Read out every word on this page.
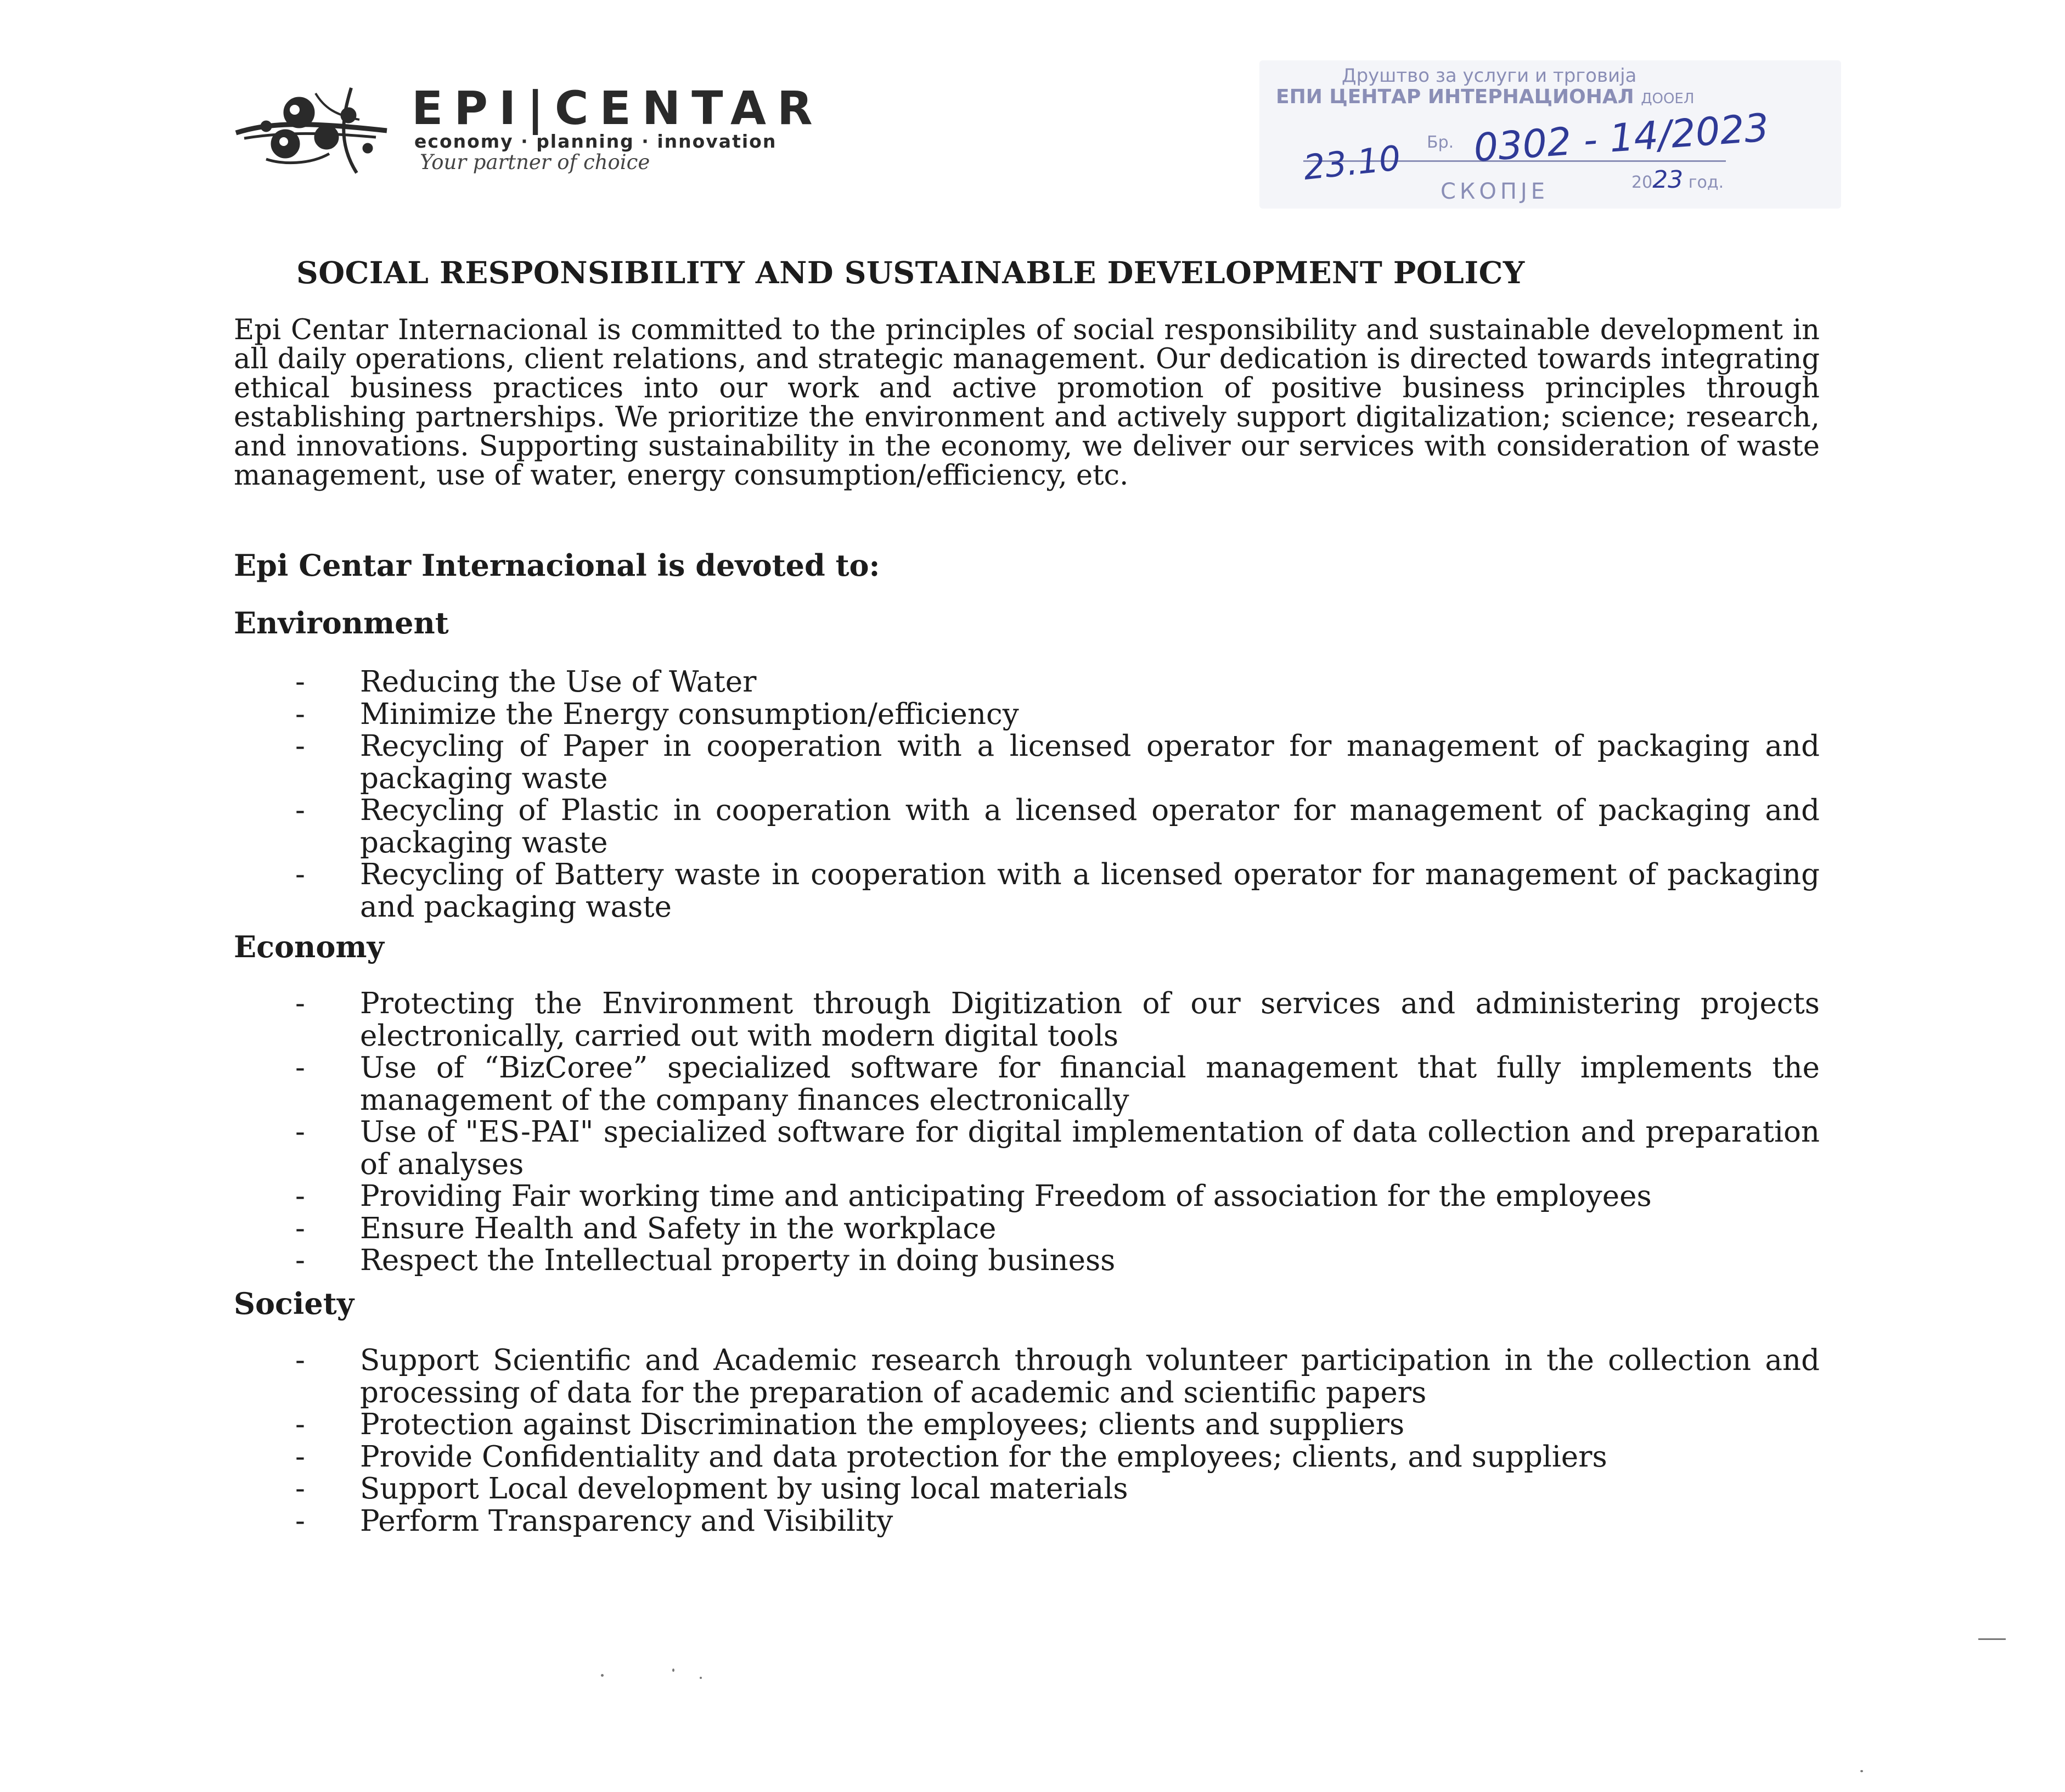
EPI|CENTAR
economy · planning · innovation
Your partner of choice
Друштво за услуги и трговија
ЕПИ ЦЕНТАР ИНТЕРНАЦИОНАЛ ДООЕЛ
Бр.
2023 год.
СКОПЈЕ
23.10 0302 - 14/2023
SOCIAL RESPONSIBILITY AND SUSTAINABLE DEVELOPMENT POLICY

Epi Centar Internacional is committed to the principles of social responsibility and sustainable development in all daily operations, client relations, and strategic management. Our dedication is directed towards integrating ethical business practices into our work and active promotion of positive business principles through establishing partnerships. We prioritize the environment and actively support digitalization; science; research, and innovations. Supporting sustainability in the economy, we deliver our services with consideration of waste management, use of water, energy consumption/efficiency, etc.

Epi Centar Internacional is devoted to:
Environment
- Reducing the Use of Water
- Minimize the Energy consumption/efficiency
- Recycling of Paper in cooperation with a licensed operator for management of packaging and packaging waste
- Recycling of Plastic in cooperation with a licensed operator for management of packaging and packaging waste
- Recycling of Battery waste in cooperation with a licensed operator for management of packaging and packaging waste
Economy
- Protecting the Environment through Digitization of our services and administering projects electronically, carried out with modern digital tools
- Use of “BizCoree” specialized software for financial management that fully implements the management of the company finances electronically
- Use of "ES-PAI" specialized software for digital implementation of data collection and preparation of analyses
- Providing Fair working time and anticipating Freedom of association for the employees
- Ensure Health and Safety in the workplace
- Respect the Intellectual property in doing business
Society
- Support Scientific and Academic research through volunteer participation in the collection and processing of data for the preparation of academic and scientific papers
- Protection against Discrimination the employees; clients and suppliers
- Provide Confidentiality and data protection for the employees; clients, and suppliers
- Support Local development by using local materials
- Perform Transparency and Visibility
